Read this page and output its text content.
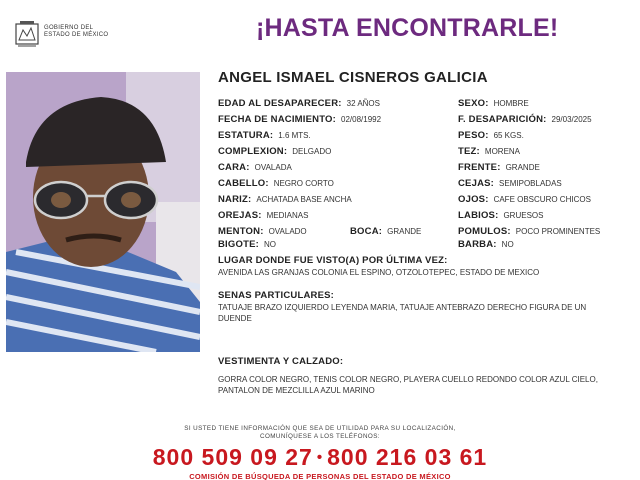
GOBIERNO DEL
ESTADO DE MÉXICO	¡HASTA ENCONTRARLE!
ANGEL ISMAEL CISNEROS GALICIA
EDAD AL DESAPARECER: 32 AÑOS
FECHA DE NACIMIENTO: 02/08/1992
ESTATURA: 1.6 MTS.
COMPLEXION: DELGADO
CARA: OVALADA
CABELLO: NEGRO CORTO
NARIZ: ACHATADA BASE ANCHA
OREJAS: MEDIANAS
MENTON: OVALADO	BOCA: GRANDE
BIGOTE: NO
SEXO: HOMBRE
F. DESAPARICIÓN: 29/03/2025
PESO: 65 KGS.
TEZ: MORENA
FRENTE: GRANDE
CEJAS: SEMIPOBLADAS
OJOS: CAFE OBSCURO CHICOS
LABIOS: GRUESOS
POMULOS: POCO PROMINENTES
BARBA: NO
LUGAR DONDE FUE VISTO(A) POR ÚLTIMA VEZ:
AVENIDA LAS GRANJAS COLONIA EL ESPINO, OTZOLOTEPEC, ESTADO DE MEXICO
SENAS PARTICULARES:
TATUAJE BRAZO IZQUIERDO LEYENDA MARIA, TATUAJE ANTEBRAZO DERECHO FIGURA DE UN DUENDE
VESTIMENTA Y CALZADO:
GORRA COLOR NEGRO, TENIS COLOR NEGRO, PLAYERA CUELLO REDONDO COLOR AZUL CIELO, PANTALON DE MEZCLILLA AZUL MARINO
SI USTED TIENE INFORMACIÓN QUE SEA DE UTILIDAD PARA SU LOCALIZACIÓN,
COMUNÍQUESE A LOS TELÉFONOS:
800 509 09 27 • 800 216 03 61
COMISIÓN DE BÚSQUEDA DE PERSONAS DEL ESTADO DE MÉXICO
